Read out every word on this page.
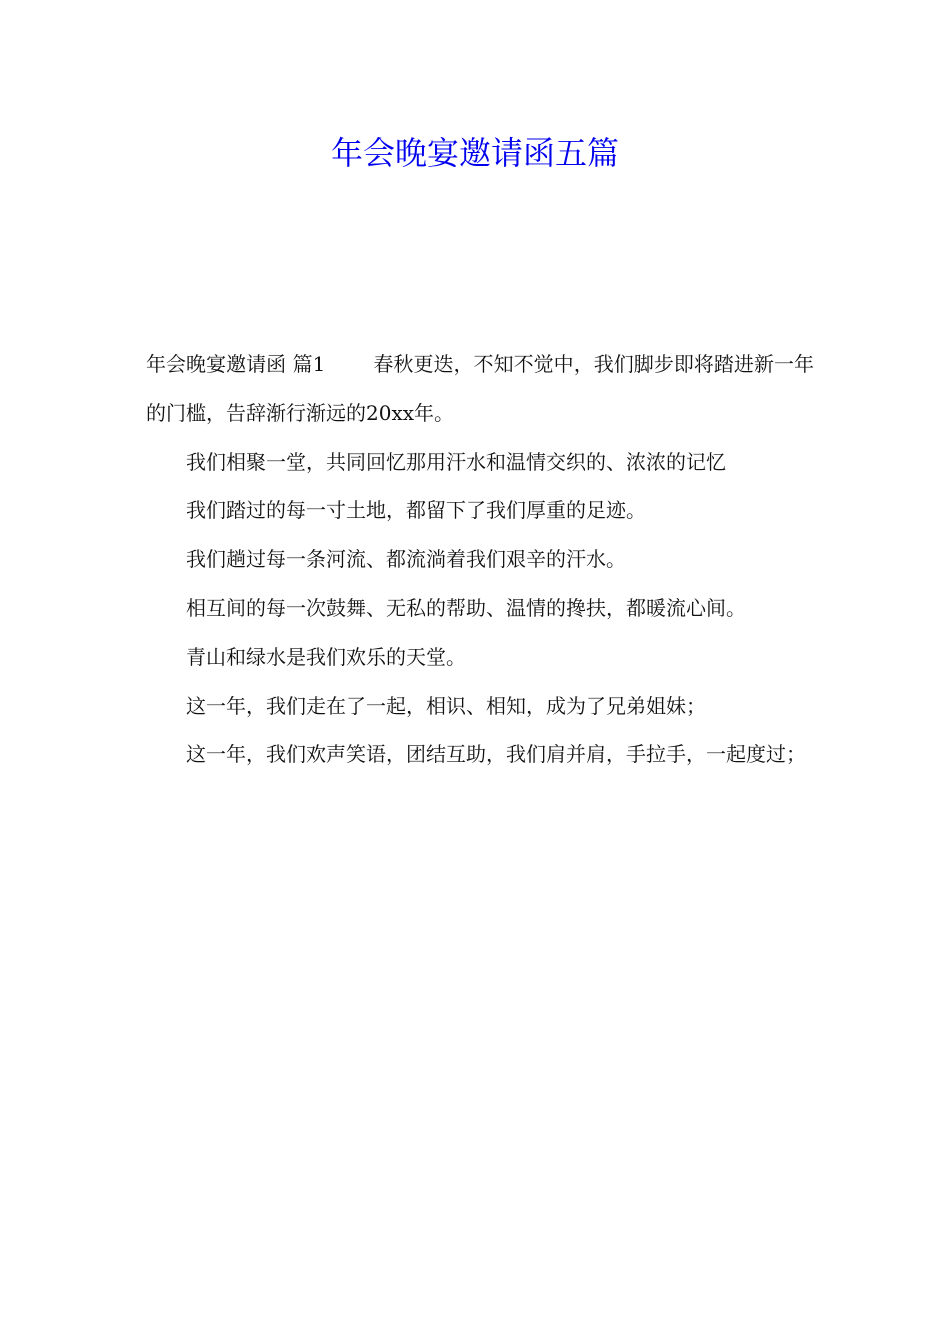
年会晚宴邀请函五篇

年会晚宴邀请函 篇1 春秋更迭，不知不觉中，我们脚步即将踏进新一年的门槛，告辞渐行渐远的20xx年。

我们相聚一堂，共同回忆那用汗水和温情交织的、浓浓的记忆

我们踏过的每一寸土地，都留下了我们厚重的足迹。

我们趟过每一条河流、都流淌着我们艰辛的汗水。

相互间的每一次鼓舞、无私的帮助、温情的搀扶，都暖流心间。

青山和绿水是我们欢乐的天堂。

这一年，我们走在了一起，相识、相知，成为了兄弟姐妹；

这一年，我们欢声笑语，团结互助，我们肩并肩，手拉手，一起度过；
